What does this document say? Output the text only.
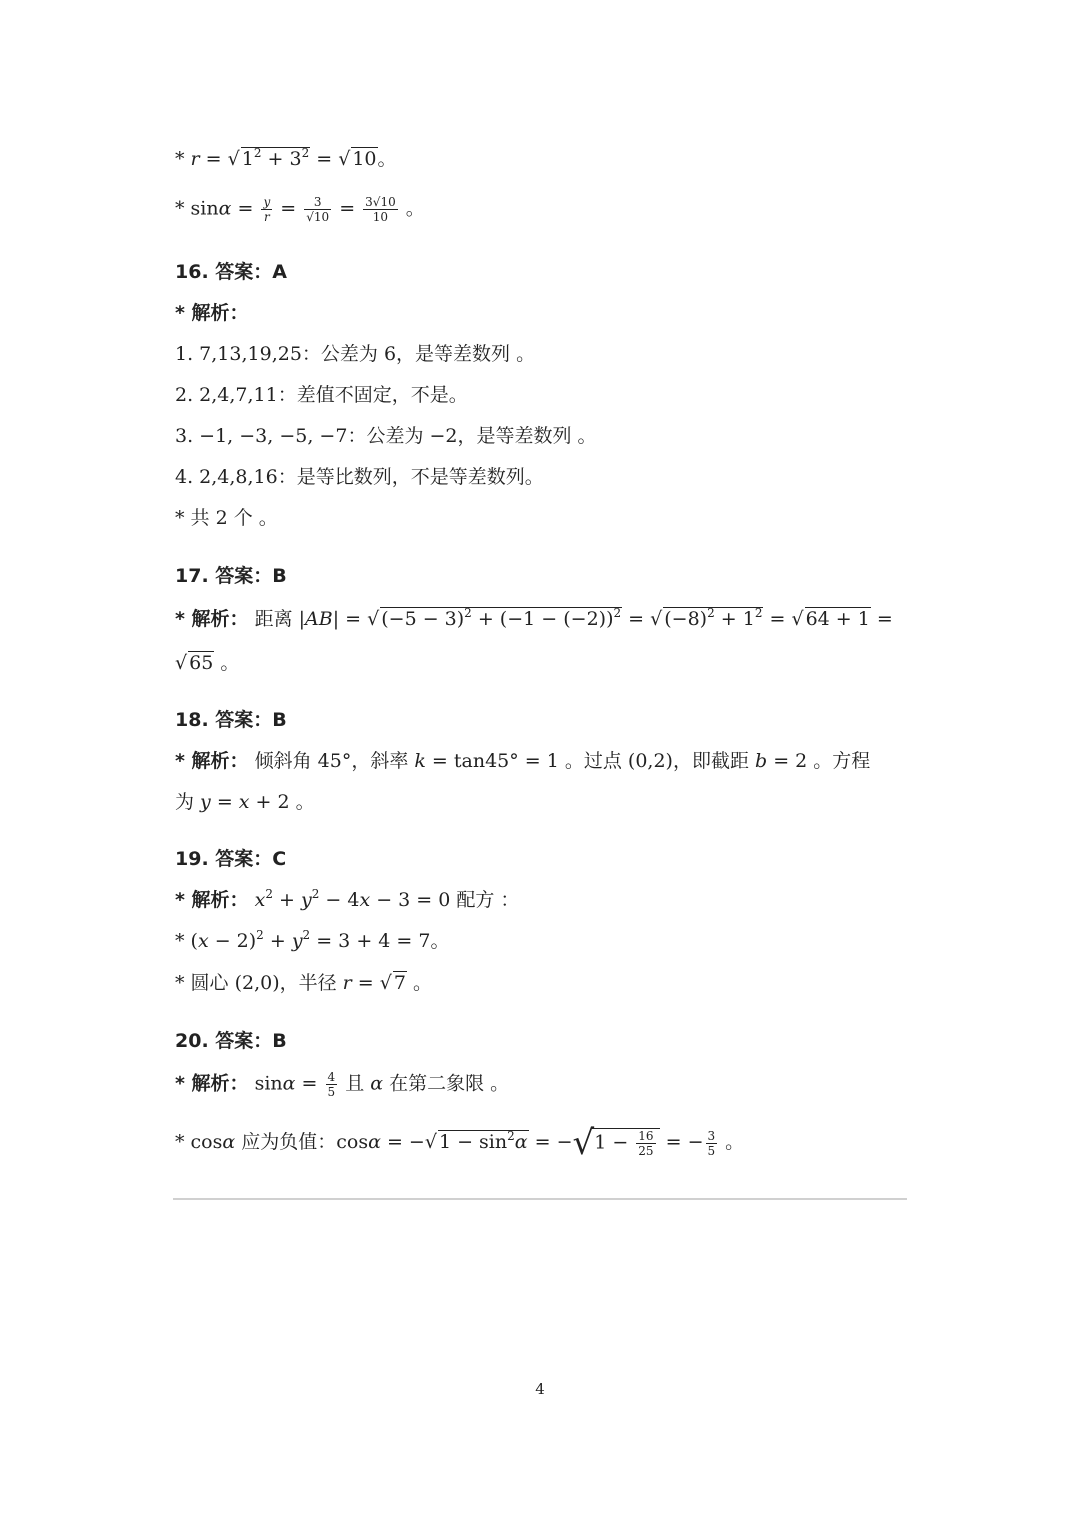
* r = √ $1^2 + 3^2$ = √ 10。
* $\sin\alpha = \frac{y}{r} = \frac{3}{√10} = \frac{3√10}{10}$ 。
16. 答案：A
* 解析：
1. 7,13,19,25：公差为 6，是等差数列 。
2. 2,4,7,11：差值不固定，不是。
3. −1, −3, −5, −7：公差为 −2，是等差数列 。
4. 2,4,8,16：是等比数列，不是等差数列。
* 共 2 个 。
17. 答案：B
* 解析： 距离 |AB| = √ $(-5 - 3)^2 + (-1 - (-2))^2$ = √ $(-8)^2 + 1^2$ = √ 64 + 1 =
√ 65 。
18. 答案：B
* 解析： 倾斜角 45°，斜率 k = tan45° = 1 。过点 (0,2)，即截距 b = 2 。方程
为 y = x + 2 。
19. 答案：C
* 解析： $x^2 + y^2 - 4x - 3 = 0$ 配方 ：
* $(x - 2)^2 + y^2 = 3 + 4 = 7$。
* 圆心 (2,0)，半径 r = √ 7 。
20. 答案：B
* 解析： $\sin\alpha = \frac{4}{5}$ 且 α 在第二象限 。
* cosα 应为负值：cosα = −√ $1 - \sin^2\alpha = -√1 - \frac{16}{25}$ = − $\frac{3}{5}$ 。
4
